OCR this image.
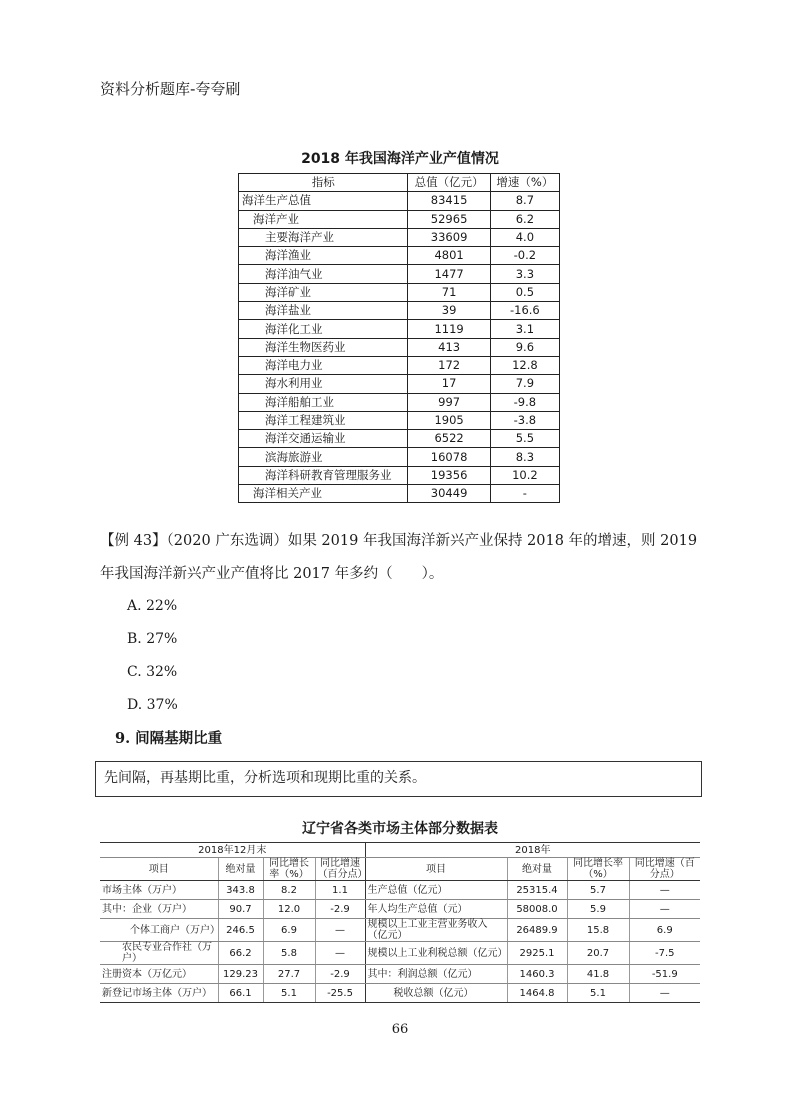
资料分析题库-夸夸刷
2018 年我国海洋产业产值情况
指标	总值（亿元）	增速（%）
海洋生产总值	83415	8.7
海洋产业	52965	6.2
主要海洋产业	33609	4.0
海洋渔业	4801	-0.2
海洋油气业	1477	3.3
海洋矿业	71	0.5
海洋盐业	39	-16.6
海洋化工业	1119	3.1
海洋生物医药业	413	9.6
海洋电力业	172	12.8
海水利用业	17	7.9
海洋船舶工业	997	-9.8
海洋工程建筑业	1905	-3.8
海洋交通运输业	6522	5.5
滨海旅游业	16078	8.3
海洋科研教育管理服务业	19356	10.2
海洋相关产业	30449	-
【例 43】（2020 广东选调）如果 2019 年我国海洋新兴产业保持 2018 年的增速，则 2019
年我国海洋新兴产业产值将比 2017 年多约（　　）。
A. 22%
B. 27%
C. 32%
D. 37%
9. 间隔基期比重
先间隔，再基期比重，分析选项和现期比重的关系。
辽宁省各类市场主体部分数据表
2018年12月末				2018年			
项目	绝对量	同比增长率（%）	同比增速（百分点）	项目	绝对量	同比增长率（%）	同比增速（百分点）
市场主体（万户）	343.8	8.2	1.1	生产总值（亿元）	25315.4	5.7	—
其中：企业（万户）	90.7	12.0	-2.9	年人均生产总值（元）	58008.0	5.9	—
个体工商户（万户）	246.5	6.9	—	规模以上工业主营业务收入（亿元）	26489.9	15.8	6.9
农民专业合作社（万户）	66.2	5.8	—	规模以上工业利税总额（亿元）	2925.1	20.7	-7.5
注册资本（万亿元）	129.23	27.7	-2.9	其中：利润总额（亿元）	1460.3	41.8	-51.9
新登记市场主体（万户）	66.1	5.1	-25.5	税收总额（亿元）	1464.8	5.1	—
66
